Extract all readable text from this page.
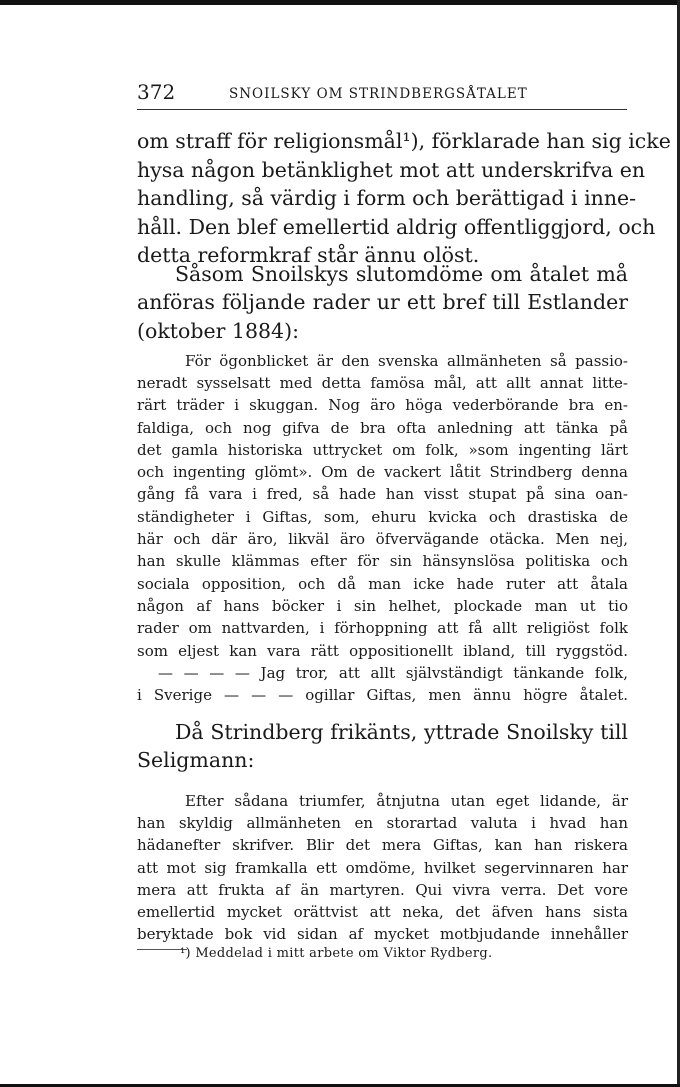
372	SNOILSKY OM STRINDBERGSÅTALET

om straff för religionsmål¹), förklarade han sig icke
hysa någon betänklighet mot att underskrifva en
handling, så värdig i form och berättigad i inne-
håll. Den blef emellertid aldrig offentliggjord, och
detta reformkraf står ännu olöst.

Såsom Snoilskys slutomdöme om åtalet må

anföras följande rader ur ett bref till Estlander
(oktober 1884):

För ögonblicket är den svenska allmänheten så passio-

neradt sysselsatt med detta famösa mål, att allt annat litte-
rärt träder i skuggan. Nog äro höga vederbörande bra en-
faldiga, och nog gifva de bra ofta anledning att tänka på
det gamla historiska uttrycket om folk, »som ingenting lärt
och ingenting glömt». Om de vackert låtit Strindberg denna
gång få vara i fred, så hade han visst stupat på sina oan-
ständigheter i Giftas, som, ehuru kvicka och drastiska de
här och där äro, likväl äro öfvervägande otäcka. Men nej,
han skulle klämmas efter för sin hänsynslösa politiska och
sociala opposition, och då man icke hade ruter att åtala
någon af hans böcker i sin helhet, plockade man ut tio
rader om nattvarden, i förhoppning att få allt religiöst folk
som eljest kan vara rätt oppositionellt ibland, till ryggstöd.

— — — — Jag tror, att allt självständigt tänkande folk,

i Sverige — — — ogillar Giftas, men ännu högre åtalet.

Då Strindberg frikänts, yttrade Snoilsky till

Seligmann:

Efter sådana triumfer, åtnjutna utan eget lidande, är

han skyldig allmänheten en storartad valuta i hvad han
hädanefter skrifver. Blir det mera Giftas, kan han riskera
att mot sig framkalla ett omdöme, hvilket segervinnaren har
mera att frukta af än martyren. Qui vivra verra. Det vore
emellertid mycket orättvist att neka, det äfven hans sista
beryktade bok vid sidan af mycket motbjudande innehåller

¹) Meddelad i mitt arbete om Viktor Rydberg.
